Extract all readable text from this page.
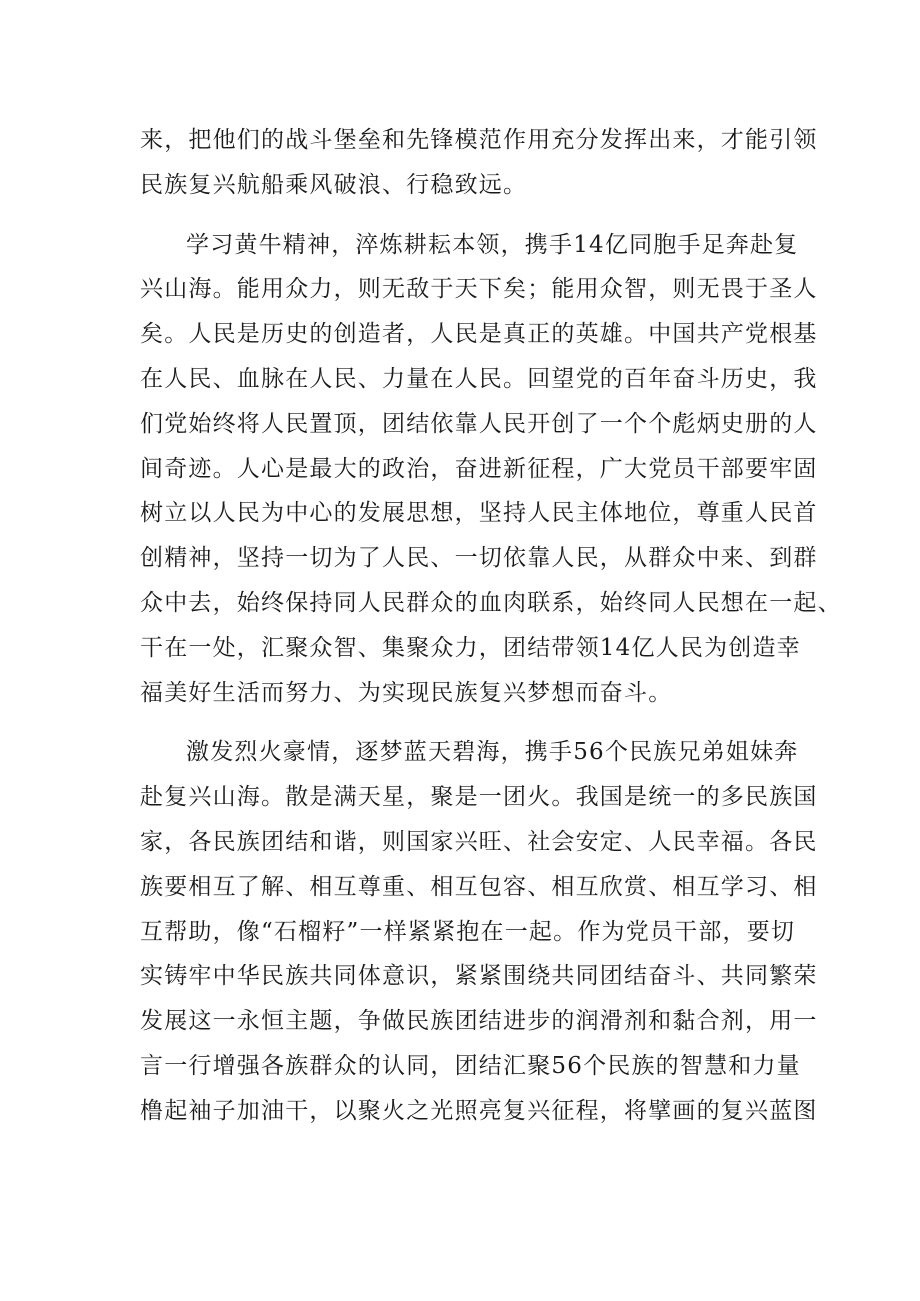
来，把他们的战斗堡垒和先锋模范作用充分发挥出来，才能引领
民族复兴航船乘风破浪、行稳致远。
学习黄牛精神，淬炼耕耘本领，携手14亿同胞手足奔赴复
兴山海。能用众力，则无敌于天下矣；能用众智，则无畏于圣人
矣。人民是历史的创造者，人民是真正的英雄。中国共产党根基
在人民、血脉在人民、力量在人民。回望党的百年奋斗历史，我
们党始终将人民置顶，团结依靠人民开创了一个个彪炳史册的人
间奇迹。人心是最大的政治，奋进新征程，广大党员干部要牢固
树立以人民为中心的发展思想，坚持人民主体地位，尊重人民首
创精神，坚持一切为了人民、一切依靠人民，从群众中来、到群
众中去，始终保持同人民群众的血肉联系，始终同人民想在一起、
干在一处，汇聚众智、集聚众力，团结带领14亿人民为创造幸
福美好生活而努力、为实现民族复兴梦想而奋斗。
激发烈火豪情，逐梦蓝天碧海，携手56个民族兄弟姐妹奔
赴复兴山海。散是满天星，聚是一团火。我国是统一的多民族国
家，各民族团结和谐，则国家兴旺、社会安定、人民幸福。各民
族要相互了解、相互尊重、相互包容、相互欣赏、相互学习、相
互帮助，像“石榴籽”一样紧紧抱在一起。作为党员干部，要切
实铸牢中华民族共同体意识，紧紧围绕共同团结奋斗、共同繁荣
发展这一永恒主题，争做民族团结进步的润滑剂和黏合剂，用一
言一行增强各族群众的认同，团结汇聚56个民族的智慧和力量
橹起袖子加油干，以聚火之光照亮复兴征程，将擘画的复兴蓝图
